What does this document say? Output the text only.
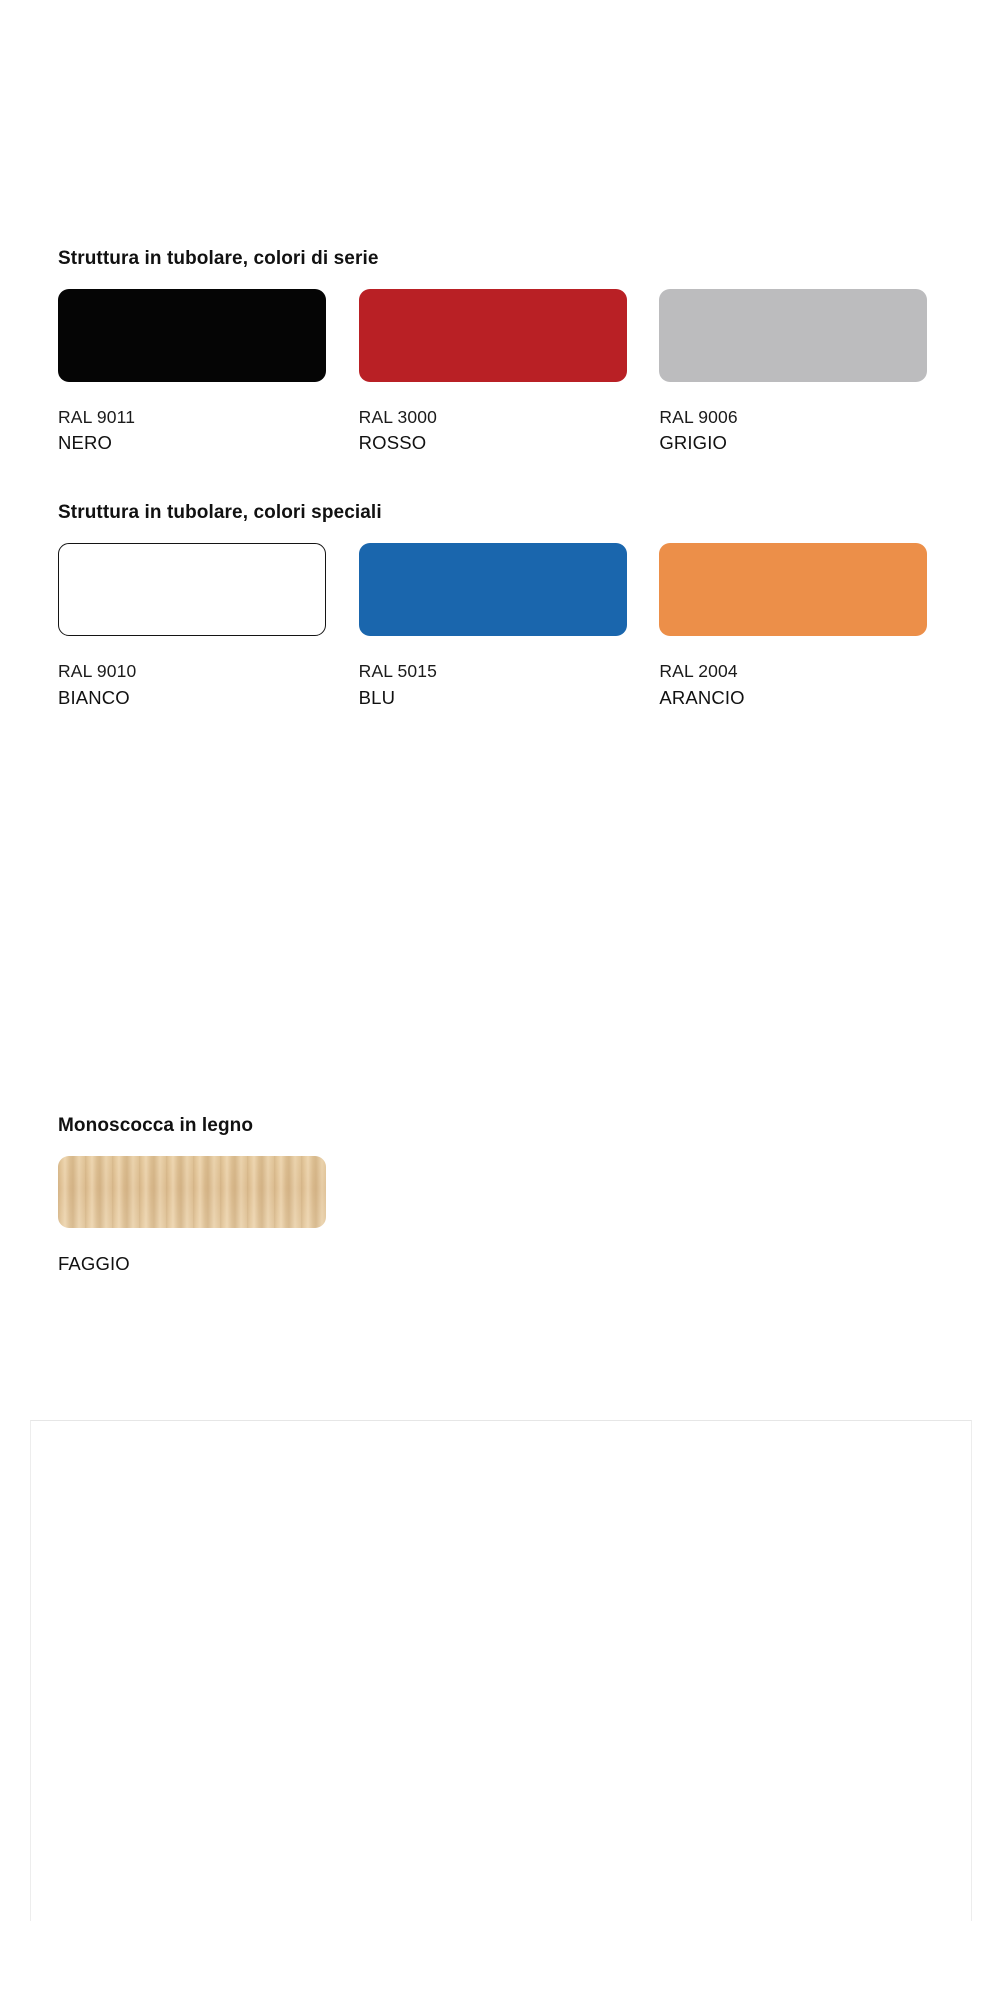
Struttura in tubolare, colori di serie
RAL 9011
NERO
RAL 3000
ROSSO
RAL 9006
GRIGIO
Struttura in tubolare, colori speciali
RAL 9010
BIANCO
RAL 5015
BLU
RAL 2004
ARANCIO
Monoscocca in legno
FAGGIO
